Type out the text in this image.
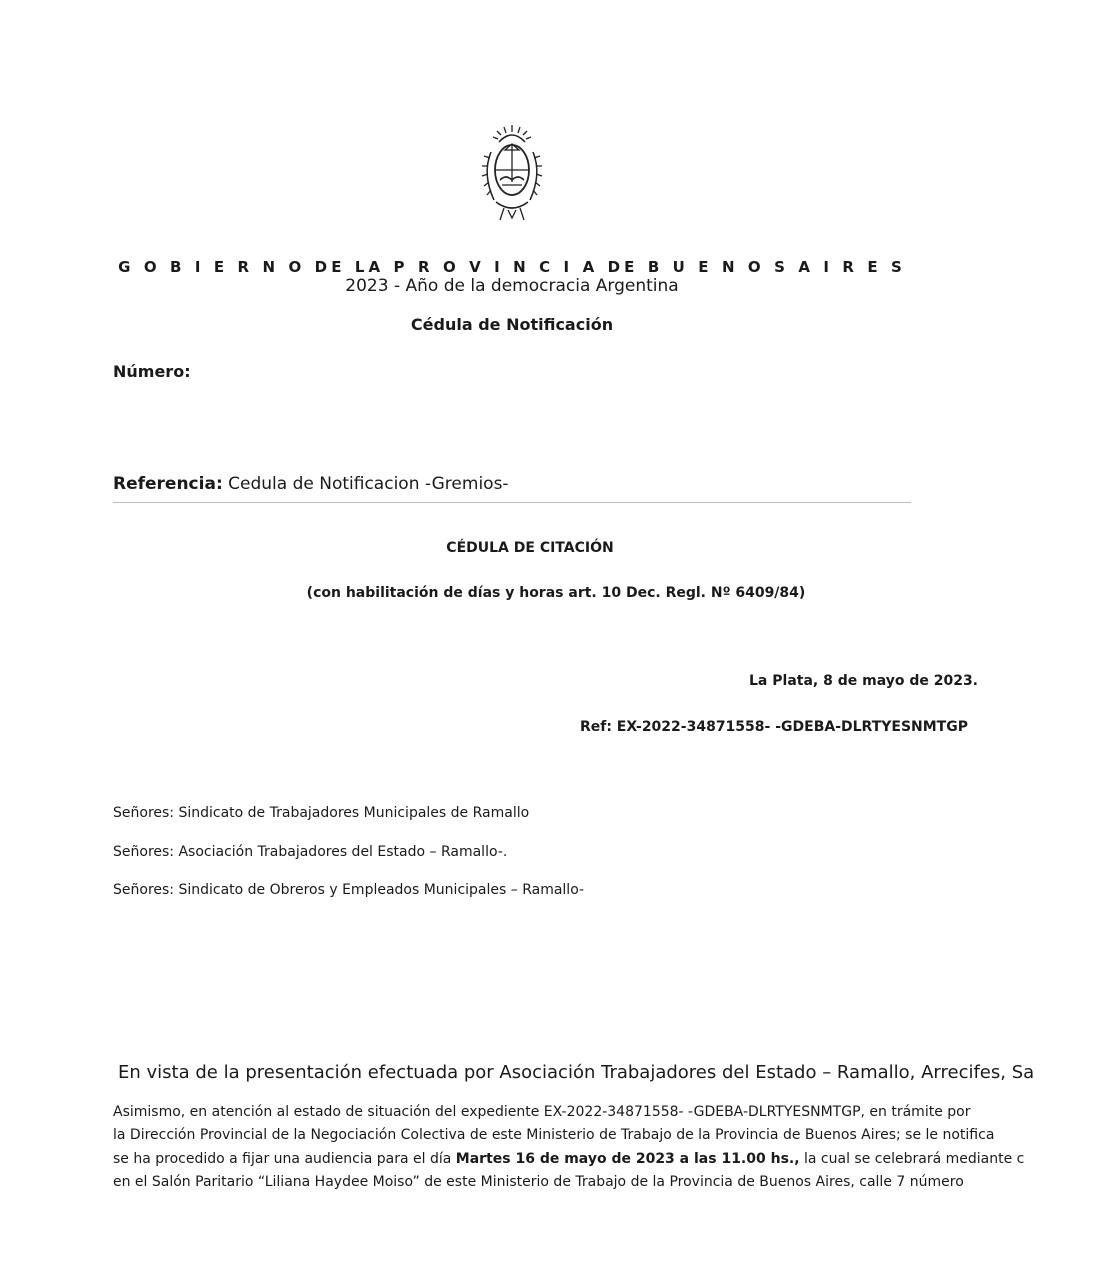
G O B I E R N O DE LA P R O V I N C I A DE B U E N O S A I R E S
2023 - Año de la democracia Argentina
Cédula de Notificación
Número:
Referencia: Cedula de Notificacion -Gremios-
CÉDULA DE CITACIÓN
(con habilitación de días y horas art. 10 Dec. Regl. Nº 6409/84)
La Plata, 8 de mayo de 2023.
Ref: EX-2022-34871558- -GDEBA-DLRTYESNMTGP
Señores: Sindicato de Trabajadores Municipales de Ramallo
Señores: Asociación Trabajadores del Estado – Ramallo-.
Señores: Sindicato de Obreros y Empleados Municipales – Ramallo-
En vista de la presentación efectuada por Asociación Trabajadores del Estado – Ramallo, Arrecifes, Sa
Asimismo, en atención al estado de situación del expediente EX-2022-34871558- -GDEBA-DLRTYESNMTGP, en trámite por
la Dirección Provincial de la Negociación Colectiva de este Ministerio de Trabajo de la Provincia de Buenos Aires; se le notifica
se ha procedido a fijar una audiencia para el día Martes 16 de mayo de 2023 a las 11.00 hs., la cual se celebrará mediante c
en el Salón Paritario “Liliana Haydee Moiso” de este Ministerio de Trabajo de la Provincia de Buenos Aires, calle 7 número
